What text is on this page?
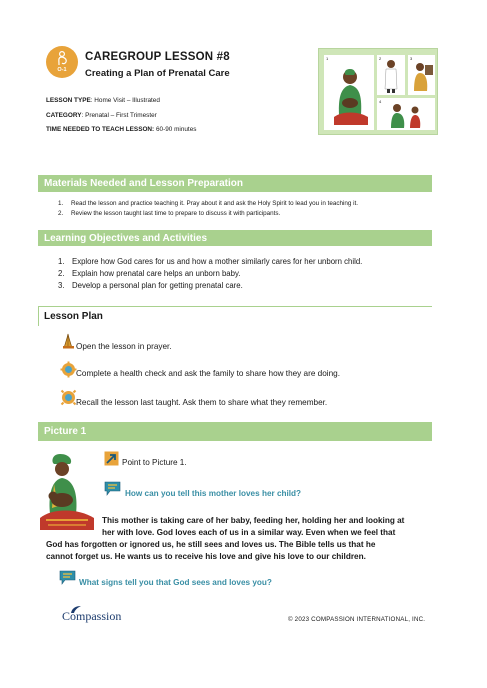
O-1
CAREGROUP LESSON #8
Creating a Plan of Prenatal Care
LESSON TYPE: Home Visit – Illustrated
CATEGORY: Prenatal – First Trimester
TIME NEEDED TO TEACH LESSON: 60-90 minutes
1	2	3
4
Materials Needed and Lesson Preparation
1. Read the lesson and practice teaching it. Pray about it and ask the Holy Spirit to lead you in teaching it.
2. Review the lesson taught last time to prepare to discuss it with participants.
Learning Objectives and Activities
1. Explore how God cares for us and how a mother similarly cares for her unborn child.
2. Explain how prenatal care helps an unborn baby.
3. Develop a personal plan for getting prenatal care.
Lesson Plan
Open the lesson in prayer.
Complete a health check and ask the family to share how they are doing.
Recall the lesson last taught. Ask them to share what they remember.
Picture 1
Point to Picture 1.
How can you tell this mother loves her child?
This mother is taking care of her baby, feeding her, holding her and looking at
her with love. God loves each of us in a similar way. Even when we feel that
God has forgotten or ignored us, he still sees and loves us. The Bible tells us that he
cannot forget us. He wants us to receive his love and give his love to our children.
What signs tell you that God sees and loves you?
Compassion	© 2023 COMPASSION INTERNATIONAL, INC.
